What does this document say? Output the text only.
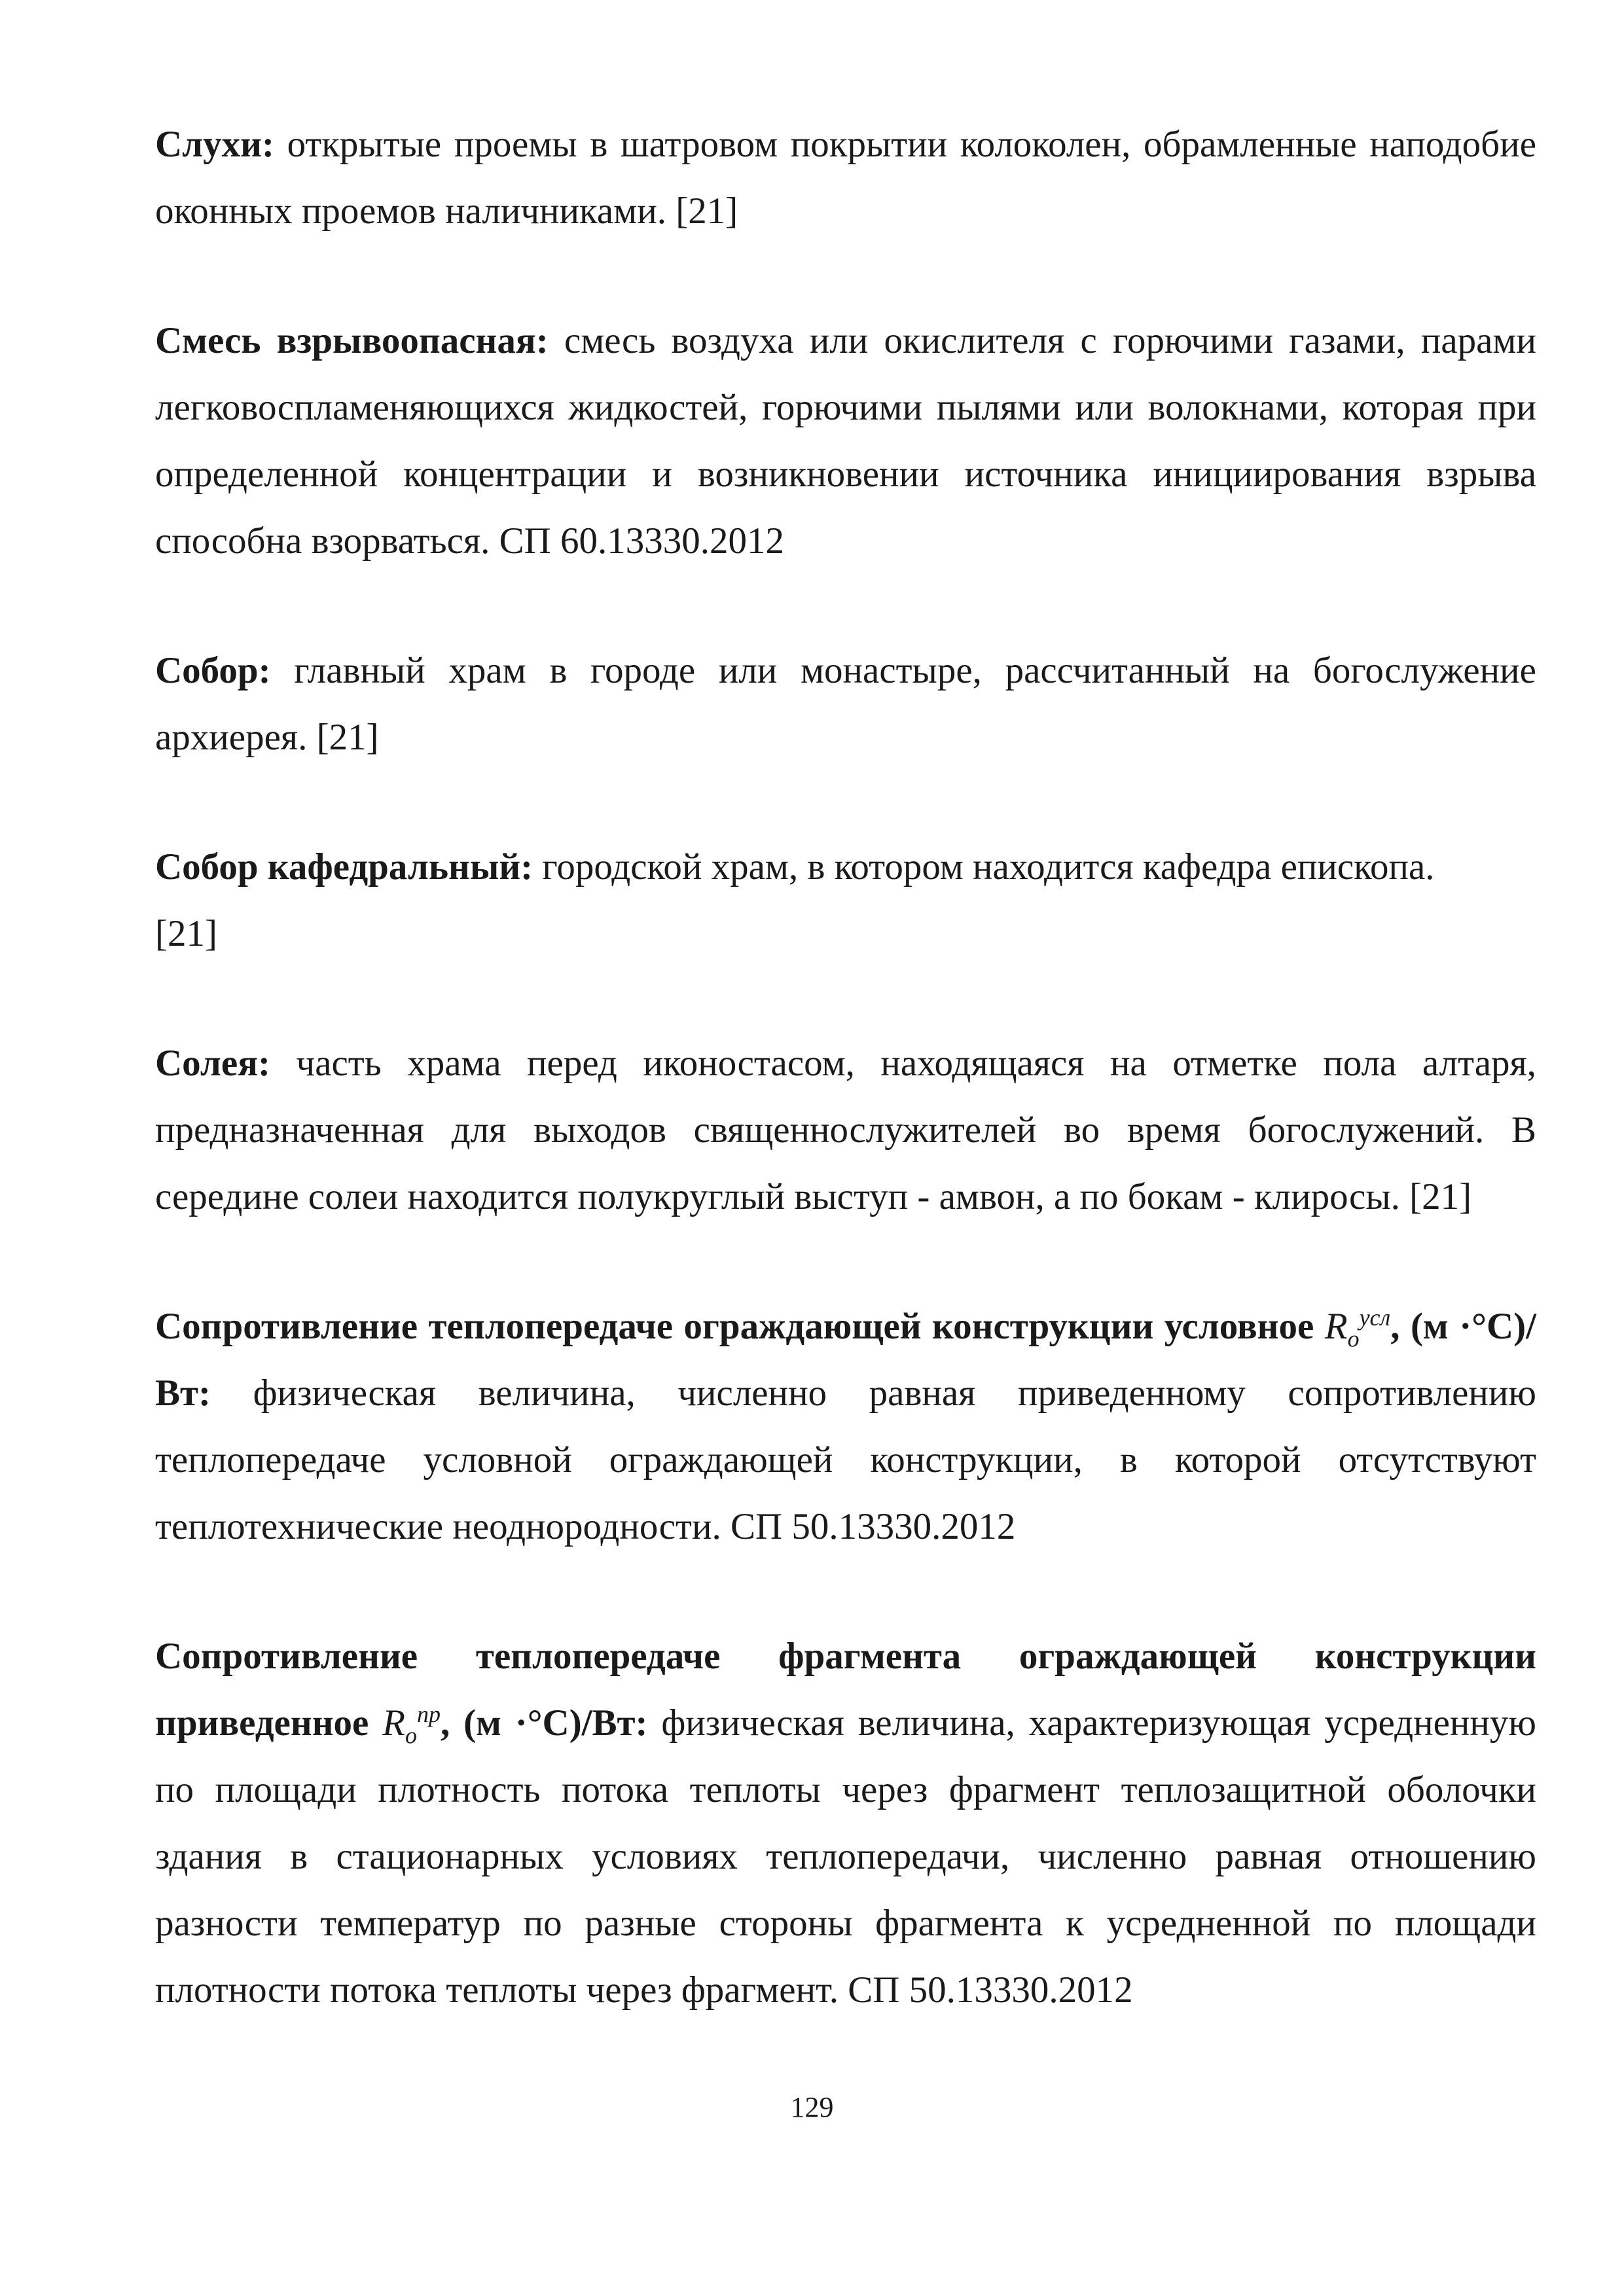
Слухи: открытые проемы в шатровом покрытии колоколен, обрамленные наподобие оконных проемов наличниками. [21]

Смесь взрывоопасная: смесь воздуха или окислителя с горючими газами, парами легковоспламеняющихся жидкостей, горючими пылями или волокнами, которая при определенной концентрации и возникновении источника инициирования взрыва способна взорваться. СП 60.13330.2012

Собор: главный храм в городе или монастыре, рассчитанный на богослужение архиерея. [21]

Собор кафедральный: городской храм, в котором находится кафедра епископа.
[21]

Солея: часть храма перед иконостасом, находящаяся на отметке пола алтаря, предназначенная для выходов священнослужителей во время богослужений. В середине солеи находится полукруглый выступ - амвон, а по бокам - клиросы. [21]

Сопротивление теплопередаче ограждающей конструкции условное $R_o^{усл}$, (м ·°С)/Вт: физическая величина, численно равная приведенному сопротивлению теплопередаче условной ограждающей конструкции, в которой отсутствуют теплотехнические неоднородности. СП 50.13330.2012

Сопротивление теплопередаче фрагмента ограждающей конструкции приведенное $R_o^{пр}$, (м ·°С)/Вт: физическая величина, характеризующая усредненную по площади плотность потока теплоты через фрагмент теплозащитной оболочки здания в стационарных условиях теплопередачи, численно равная отношению разности температур по разные стороны фрагмента к усредненной по площади плотности потока теплоты через фрагмент. СП 50.13330.2012

129
